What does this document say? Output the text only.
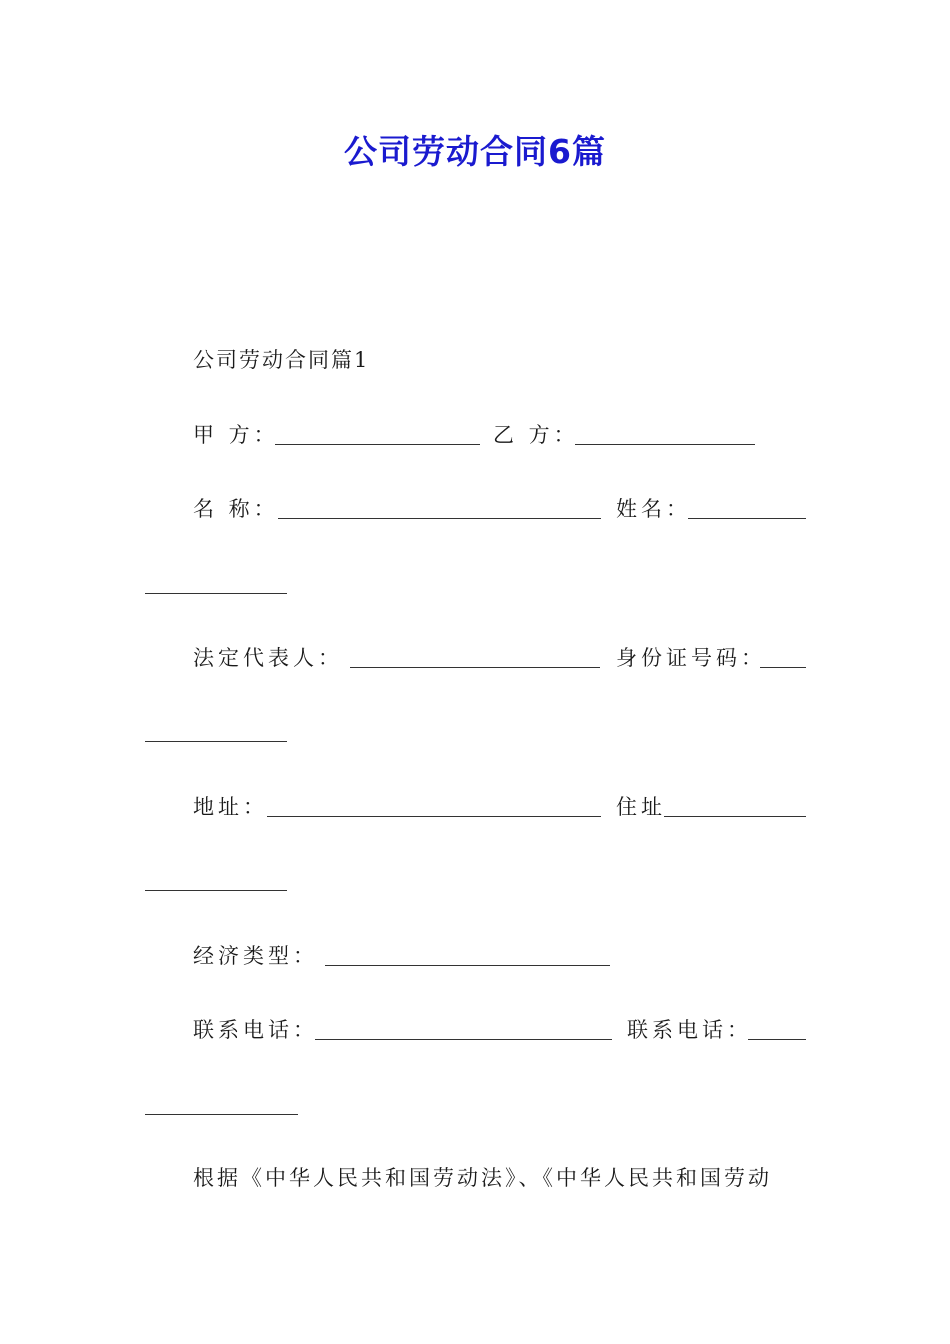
公司劳动合同6篇
公司劳动合同篇1
甲 方：	乙 方：
名 称：	姓名：
法定代表人：	身份证号码：
地址：	住址
经济类型：
联系电话：	联系电话：
根据《中华人民共和国劳动法》、《中华人民共和国劳动
